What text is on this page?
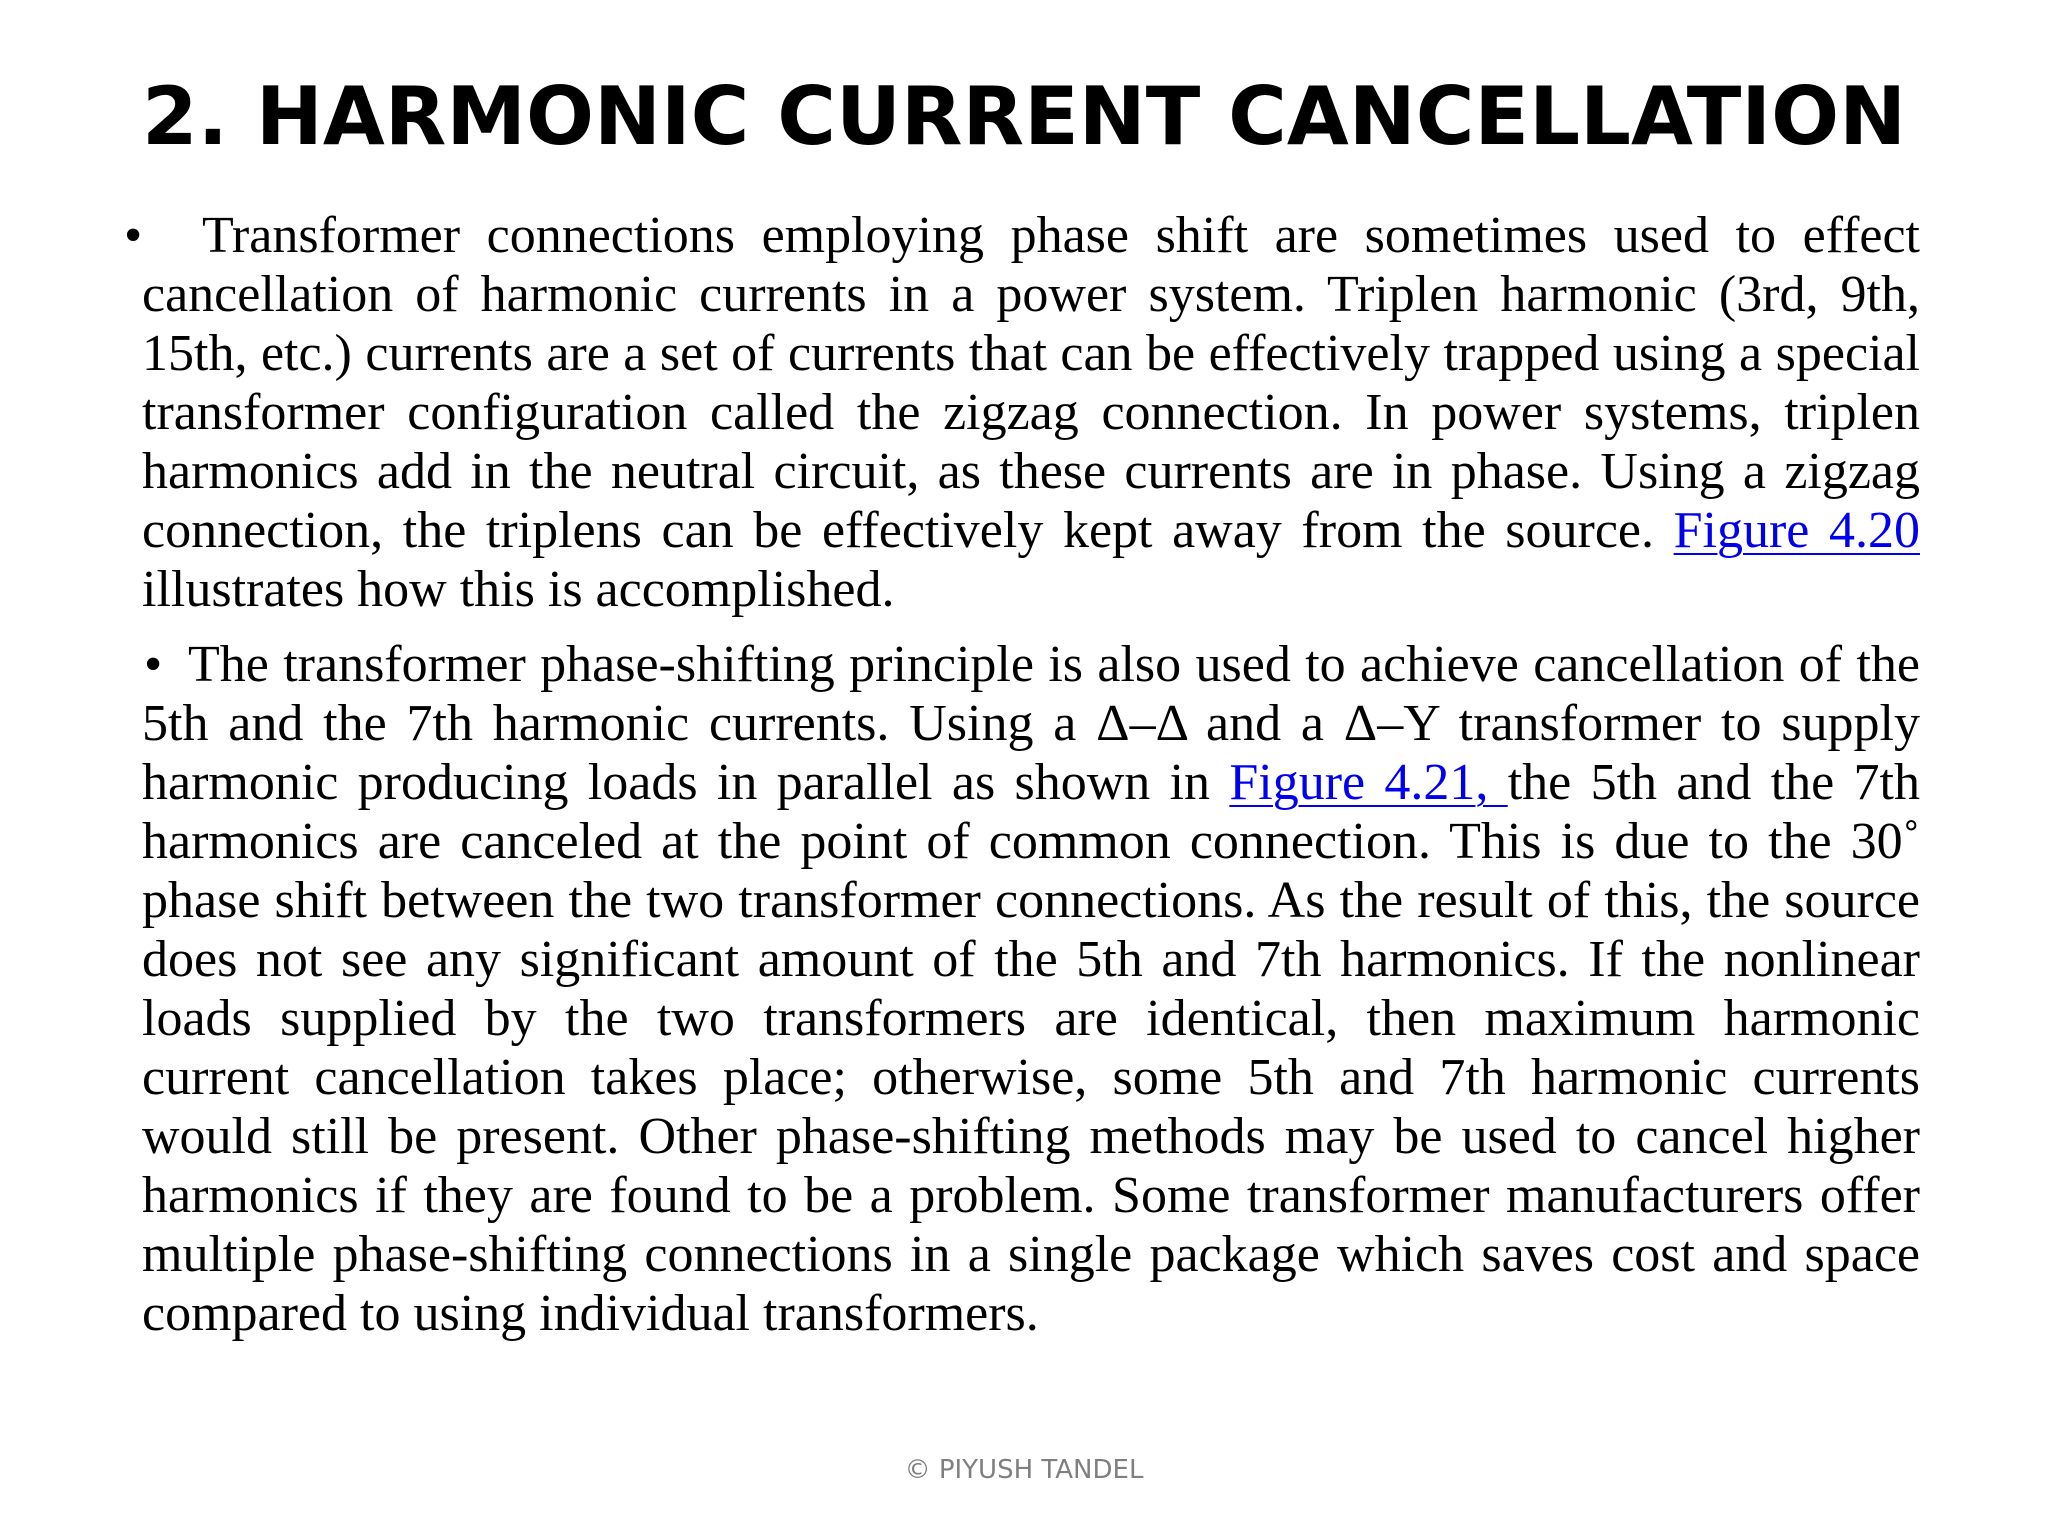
2. HARMONIC CURRENT CANCELLATION

• Transformer connections employing phase shift are sometimes used to effect cancellation of harmonic currents in a power system. Triplen harmonic (3rd, 9th, 15th, etc.) currents are a set of currents that can be effectively trapped using a special transformer configuration called the zigzag connection. In power systems, triplen harmonics add in the neutral circuit, as these currents are in phase. Using a zigzag connection, the triplens can be effectively kept away from the source. Figure 4.20 illustrates how this is accomplished.

• The transformer phase-shifting principle is also used to achieve cancellation of the 5th and the 7th harmonic currents. Using a Δ–Δ and a Δ–Y transformer to supply harmonic producing loads in parallel as shown in Figure 4.21, the 5th and the 7th harmonics are canceled at the point of common connection. This is due to the 30˚ phase shift between the two transformer connections. As the result of this, the source does not see any significant amount of the 5th and 7th harmonics. If the nonlinear loads supplied by the two transformers are identical, then maximum harmonic current cancellation takes place; otherwise, some 5th and 7th harmonic currents would still be present. Other phase-shifting methods may be used to cancel higher harmonics if they are found to be a problem. Some transformer manufacturers offer multiple phase-shifting connections in a single package which saves cost and space compared to using individual transformers.

© PIYUSH TANDEL
